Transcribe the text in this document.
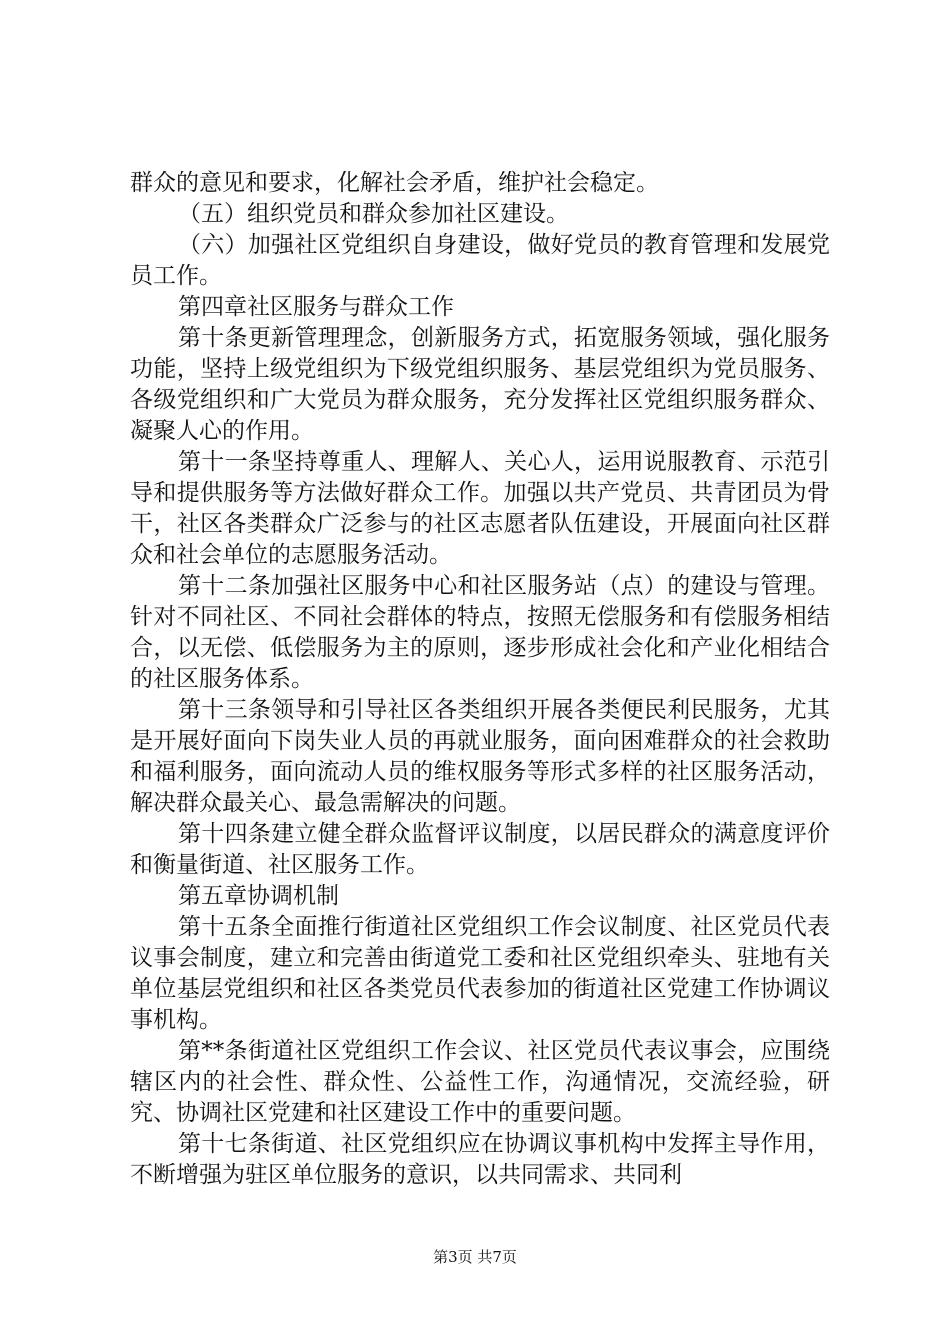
群众的意见和要求，化解社会矛盾，维护社会稳定。

（五）组织党员和群众参加社区建设。

（六）加强社区党组织自身建设，做好党员的教育管理和发展党员工作。

第四章社区服务与群众工作

第十条更新管理理念，创新服务方式，拓宽服务领域，强化服务功能，坚持上级党组织为下级党组织服务、基层党组织为党员服务、各级党组织和广大党员为群众服务，充分发挥社区党组织服务群众、凝聚人心的作用。

第十一条坚持尊重人、理解人、关心人，运用说服教育、示范引导和提供服务等方法做好群众工作。加强以共产党员、共青团员为骨干，社区各类群众广泛参与的社区志愿者队伍建设，开展面向社区群众和社会单位的志愿服务活动。

第十二条加强社区服务中心和社区服务站（点）的建设与管理。针对不同社区、不同社会群体的特点，按照无偿服务和有偿服务相结合，以无偿、低偿服务为主的原则，逐步形成社会化和产业化相结合的社区服务体系。

第十三条领导和引导社区各类组织开展各类便民利民服务，尤其是开展好面向下岗失业人员的再就业服务，面向困难群众的社会救助和福利服务，面向流动人员的维权服务等形式多样的社区服务活动，解决群众最关心、最急需解决的问题。

第十四条建立健全群众监督评议制度，以居民群众的满意度评价和衡量街道、社区服务工作。

第五章协调机制

第十五条全面推行街道社区党组织工作会议制度、社区党员代表议事会制度，建立和完善由街道党工委和社区党组织牵头、驻地有关单位基层党组织和社区各类党员代表参加的街道社区党建工作协调议事机构。

第**条街道社区党组织工作会议、社区党员代表议事会，应围绕辖区内的社会性、群众性、公益性工作，沟通情况，交流经验，研究、协调社区党建和社区建设工作中的重要问题。

第十七条街道、社区党组织应在协调议事机构中发挥主导作用，不断增强为驻区单位服务的意识，以共同需求、共同利

第3页 共7页
